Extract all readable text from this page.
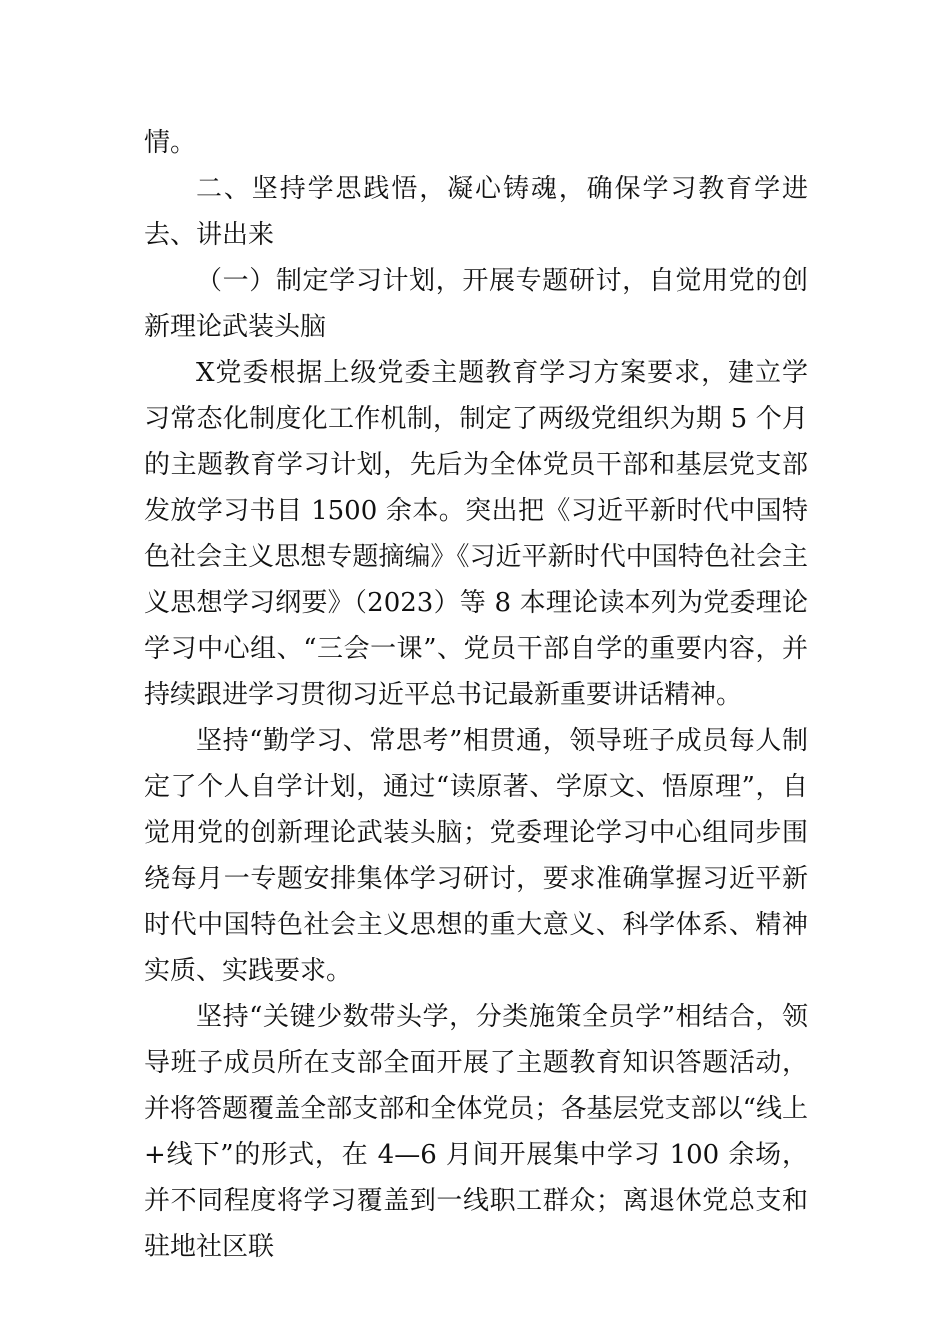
情。

二、坚持学思践悟，凝心铸魂，确保学习教育学进去、讲出来

（一）制定学习计划，开展专题研讨，自觉用党的创新理论武装头脑

X党委根据上级党委主题教育学习方案要求，建立学习常态化制度化工作机制，制定了两级党组织为期 5 个月的主题教育学习计划，先后为全体党员干部和基层党支部发放学习书目 1500 余本。突出把《习近平新时代中国特色社会主义思想专题摘编》《习近平新时代中国特色社会主义思想学习纲要》（2023）等 8 本理论读本列为党委理论学习中心组、“三会一课”、党员干部自学的重要内容，并持续跟进学习贯彻习近平总书记最新重要讲话精神。

坚持“勤学习、常思考”相贯通，领导班子成员每人制定了个人自学计划，通过“读原著、学原文、悟原理”，自觉用党的创新理论武装头脑；党委理论学习中心组同步围绕每月一专题安排集体学习研讨，要求准确掌握习近平新时代中国特色社会主义思想的重大意义、科学体系、精神实质、实践要求。

坚持“关键少数带头学，分类施策全员学”相结合，领导班子成员所在支部全面开展了主题教育知识答题活动，并将答题覆盖全部支部和全体党员；各基层党支部以“线上+线下”的形式，在 4—6 月间开展集中学习 100 余场，并不同程度将学习覆盖到一线职工群众；离退休党总支和驻地社区联
